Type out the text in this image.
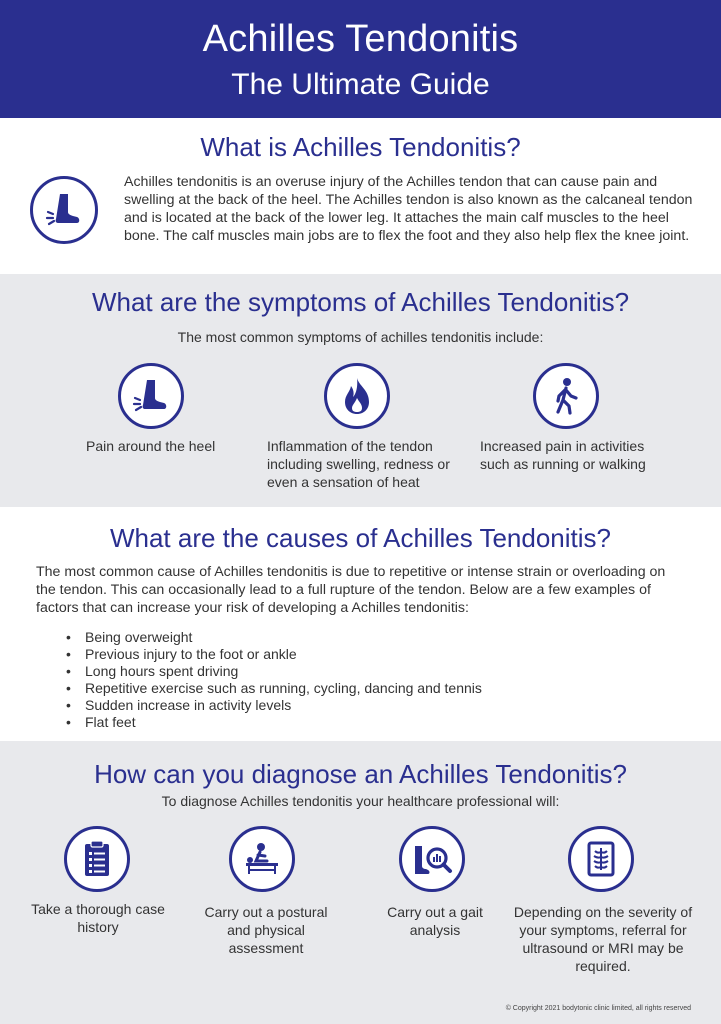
Achilles Tendonitis
The Ultimate Guide
What is Achilles Tendonitis?

Achilles tendonitis is an overuse injury of the Achilles tendon that can cause pain and swelling at the back of the heel. The Achilles tendon is also known as the calcaneal tendon and is located at the back of the lower leg. It attaches the main calf muscles to the heel bone. The calf muscles main jobs are to flex the foot and they also help flex the knee joint.

What are the symptoms of Achilles Tendonitis?
The most common symptoms of achilles tendonitis include:
Pain around the heel	Inflammation of the tendon including swelling, redness or even a sensation of heat
Increased pain in activities such as running or walking
What are the causes of Achilles Tendonitis?

The most common cause of Achilles tendonitis is due to repetitive or intense strain or overloading on the tendon. This can occasionally lead to a full rupture of the tendon. Below are a few examples of factors that can increase your risk of developing a Achilles tendonitis:

• Being overweight
• Previous injury to the foot or ankle
• Long hours spent driving
• Repetitive exercise such as running, cycling, dancing and tennis
• Sudden increase in activity levels
• Flat feet
How can you diagnose an Achilles Tendonitis?
To diagnose Achilles tendonitis your healthcare professional will:
Take a thorough case history
Carry out a postural and physical assessment
Carry out a gait analysis
Depending on the severity of your symptoms, referral for ultrasound or MRI may be required.
© Copyright 2021 bodytonic clinic limited, all rights reserved
